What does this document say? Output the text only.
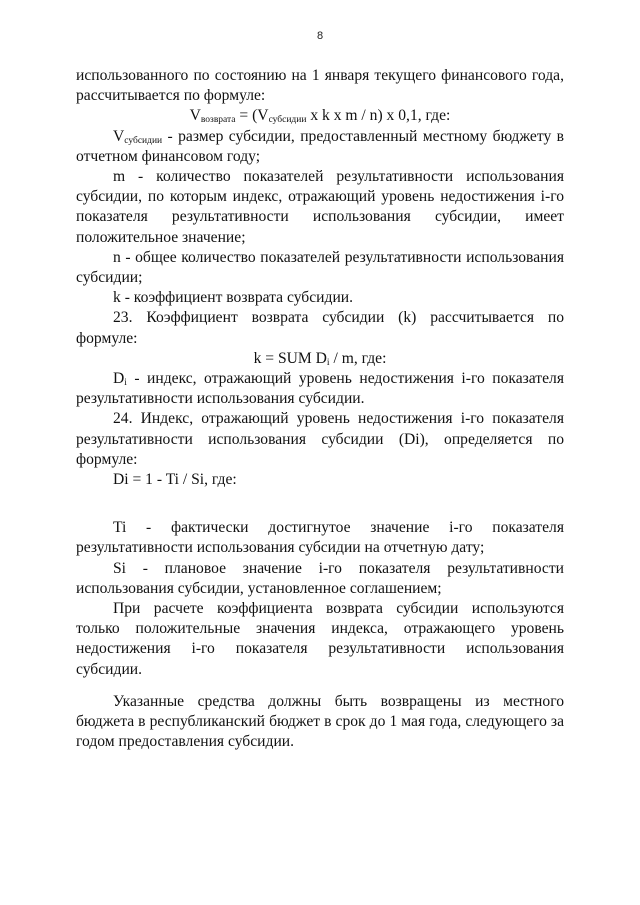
8

использованного по состоянию на 1 января текущего финансового года, рассчитывается по формуле:

$V_{возврата} = (V_{субсидии}$ x k x m / n) x 0,1, где:

$V_{субсидии}$ - размер субсидии, предоставленный местному бюджету в отчетном финансовом году;

m - количество показателей результативности использования субсидии, по которым индекс, отражающий уровень недостижения i-го показателя результативности использования субсидии, имеет положительное значение;

n - общее количество показателей результативности использования субсидии;

k - коэффициент возврата субсидии.

23. Коэффициент возврата субсидии (k) рассчитывается по формуле:

k = SUM $D_i$ / m, где:

$D_i$ - индекс, отражающий уровень недостижения i-го показателя результативности использования субсидии.

24. Индекс, отражающий уровень недостижения i-го показателя результативности использования субсидии (Di), определяется по формуле:

Di = 1 - Ti / Si, где:

Ti - фактически достигнутое значение i-го показателя результативности использования субсидии на отчетную дату;

Si - плановое значение i-го показателя результативности использования субсидии, установленное соглашением;

При расчете коэффициента возврата субсидии используются только положительные значения индекса, отражающего уровень недостижения i-го показателя результативности использования субсидии.

Указанные средства должны быть возвращены из местного бюджета в республиканский бюджет в срок до 1 мая года, следующего за годом предоставления субсидии.
